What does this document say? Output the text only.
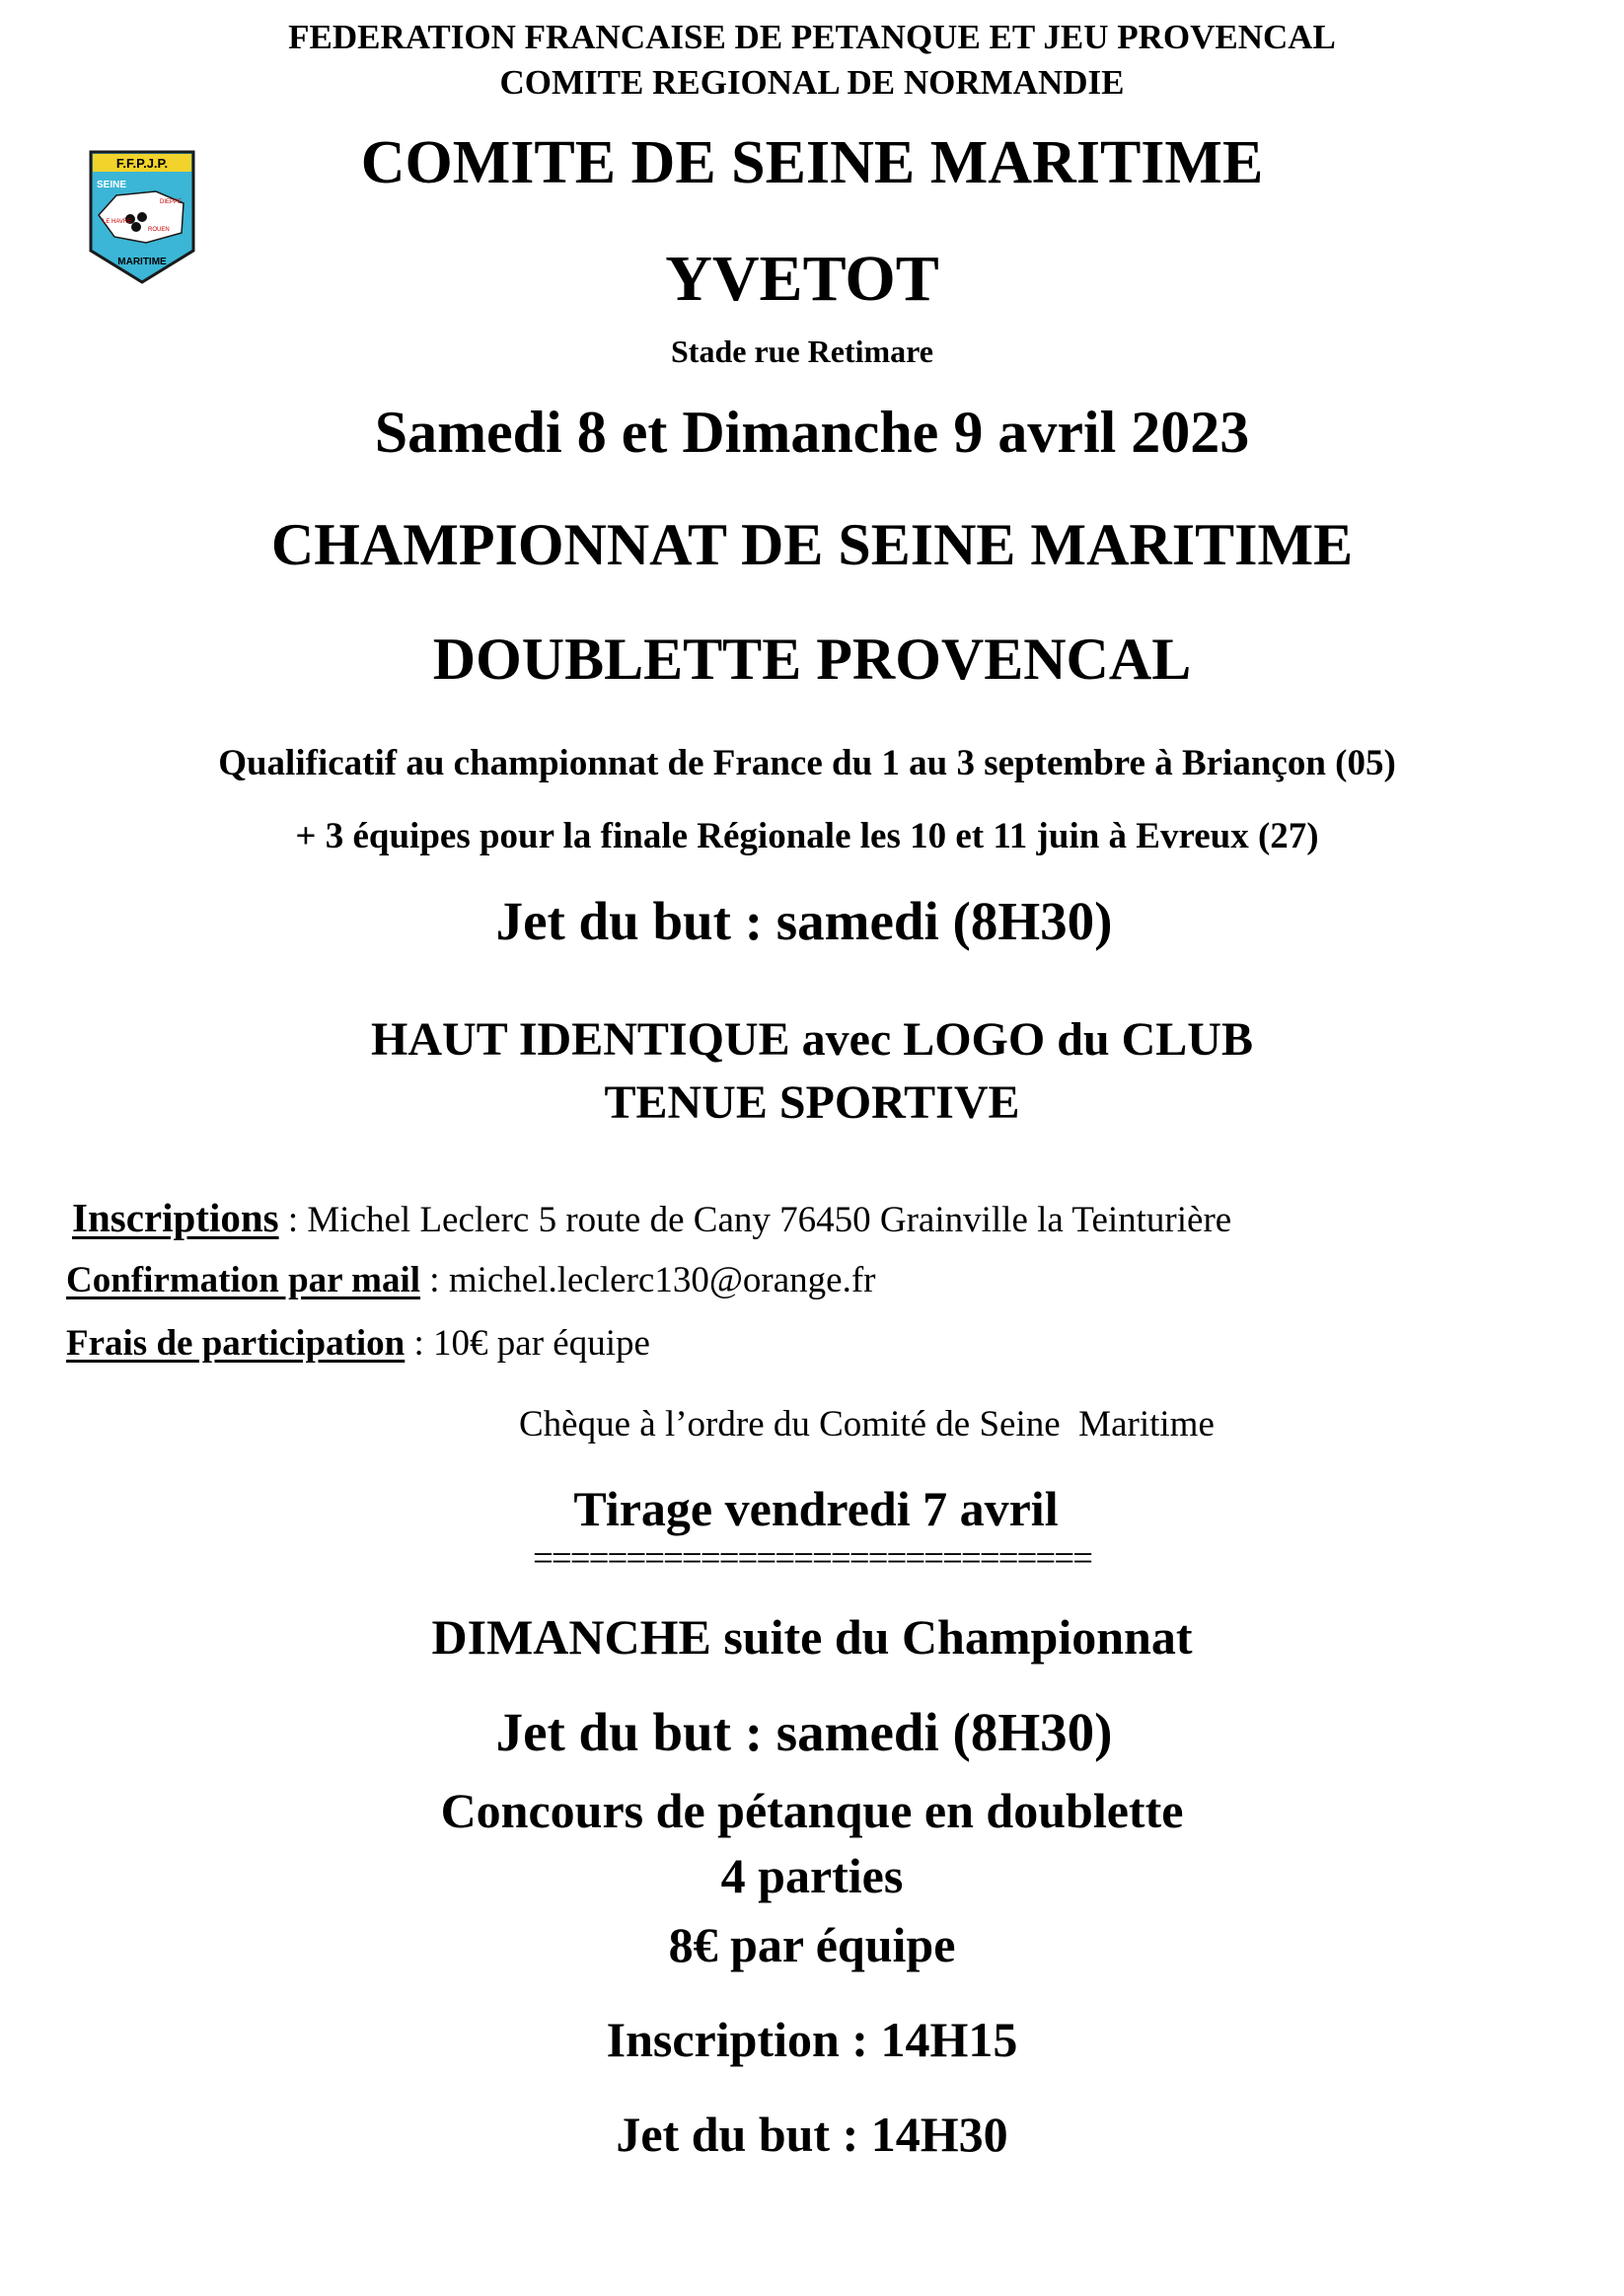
F.F.P.J.P.
SEINE
DIEPPE
LE HAVRE
ROUEN
MARITIME
FEDERATION FRANCAISE DE PETANQUE ET JEU PROVENCAL
COMITE REGIONAL DE NORMANDIE
COMITE DE SEINE MARITIME
YVETOT
Stade rue Retimare
Samedi 8 et Dimanche 9 avril 2023
CHAMPIONNAT DE SEINE MARITIME
DOUBLETTE PROVENCAL
Qualificatif au championnat de France du 1 au 3 septembre à Briançon (05)
+ 3 équipes pour la finale Régionale les 10 et 11 juin à Evreux (27)
Jet du but : samedi (8H30)
HAUT IDENTIQUE avec LOGO du CLUB
TENUE SPORTIVE
Inscriptions : Michel Leclerc 5 route de Cany 76450 Grainville la Teinturière
Confirmation par mail : michel.leclerc130@orange.fr
Frais de participation : 10€ par équipe
Chèque à l’ordre du Comité de Seine  Maritime
Tirage vendredi 7 avril
==============================
DIMANCHE suite du Championnat
Jet du but : samedi (8H30)
Concours de pétanque en doublette
4 parties
8€ par équipe
Inscription : 14H15
Jet du but : 14H30
